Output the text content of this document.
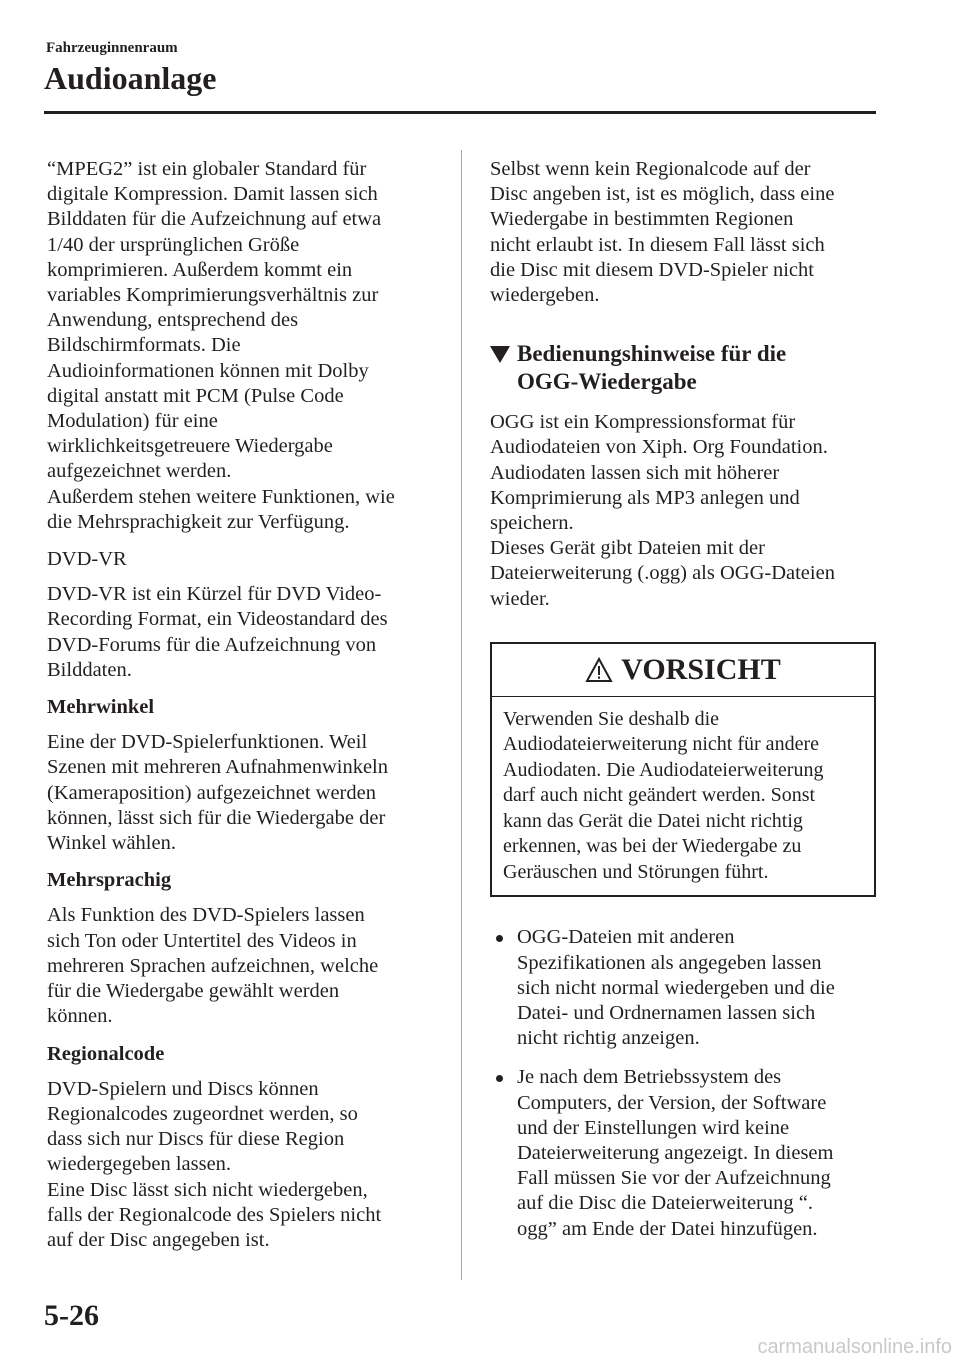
Fahrzeuginnenraum
Audioanlage

“MPEG2” ist ein globaler Standard für
digitale Kompression. Damit lassen sich
Bilddaten für die Aufzeichnung auf etwa
1/40 der ursprünglichen Größe
komprimieren. Außerdem kommt ein
variables Komprimierungsverhältnis zur
Anwendung, entsprechend des
Bildschirmformats. Die
Audioinformationen können mit Dolby
digital anstatt mit PCM (Pulse Code
Modulation) für eine
wirklichkeitsgetreuere Wiedergabe
aufgezeichnet werden.
Außerdem stehen weitere Funktionen, wie
die Mehrsprachigkeit zur Verfügung.

DVD-VR

DVD-VR ist ein Kürzel für DVD Video-
Recording Format, ein Videostandard des
DVD-Forums für die Aufzeichnung von
Bilddaten.

Mehrwinkel

Eine der DVD-Spielerfunktionen. Weil
Szenen mit mehreren Aufnahmenwinkeln
(Kameraposition) aufgezeichnet werden
können, lässt sich für die Wiedergabe der
Winkel wählen.

Mehrsprachig

Als Funktion des DVD-Spielers lassen
sich Ton oder Untertitel des Videos in
mehreren Sprachen aufzeichnen, welche
für die Wiedergabe gewählt werden
können.

Regionalcode

DVD-Spielern und Discs können
Regionalcodes zugeordnet werden, so
dass sich nur Discs für diese Region
wiedergegeben lassen.
Eine Disc lässt sich nicht wiedergeben,
falls der Regionalcode des Spielers nicht
auf der Disc angegeben ist.

Selbst wenn kein Regionalcode auf der
Disc angeben ist, ist es möglich, dass eine
Wiedergabe in bestimmten Regionen
nicht erlaubt ist. In diesem Fall lässt sich
die Disc mit diesem DVD-Spieler nicht
wiedergeben.

Bedienungshinweise für die
OGG-Wiedergabe

OGG ist ein Kompressionsformat für
Audiodateien von Xiph. Org Foundation.
Audiodaten lassen sich mit höherer
Komprimierung als MP3 anlegen und
speichern.
Dieses Gerät gibt Dateien mit der
Dateierweiterung (.ogg) als OGG-Dateien
wieder.

VORSICHT

Verwenden Sie deshalb die
Audiodateierweiterung nicht für andere
Audiodaten. Die Audiodateierweiterung
darf auch nicht geändert werden. Sonst
kann das Gerät die Datei nicht richtig
erkennen, was bei der Wiedergabe zu
Geräuschen und Störungen führt.

OGG-Dateien mit anderen
Spezifikationen als angegeben lassen
sich nicht normal wiedergeben und die
Datei- und Ordnernamen lassen sich
nicht richtig anzeigen.

Je nach dem Betriebssystem des
Computers, der Version, der Software
und der Einstellungen wird keine
Dateierweiterung angezeigt. In diesem
Fall müssen Sie vor der Aufzeichnung
auf die Disc die Dateierweiterung “.
ogg” am Ende der Datei hinzufügen.

5-26
carmanualsonline.info
